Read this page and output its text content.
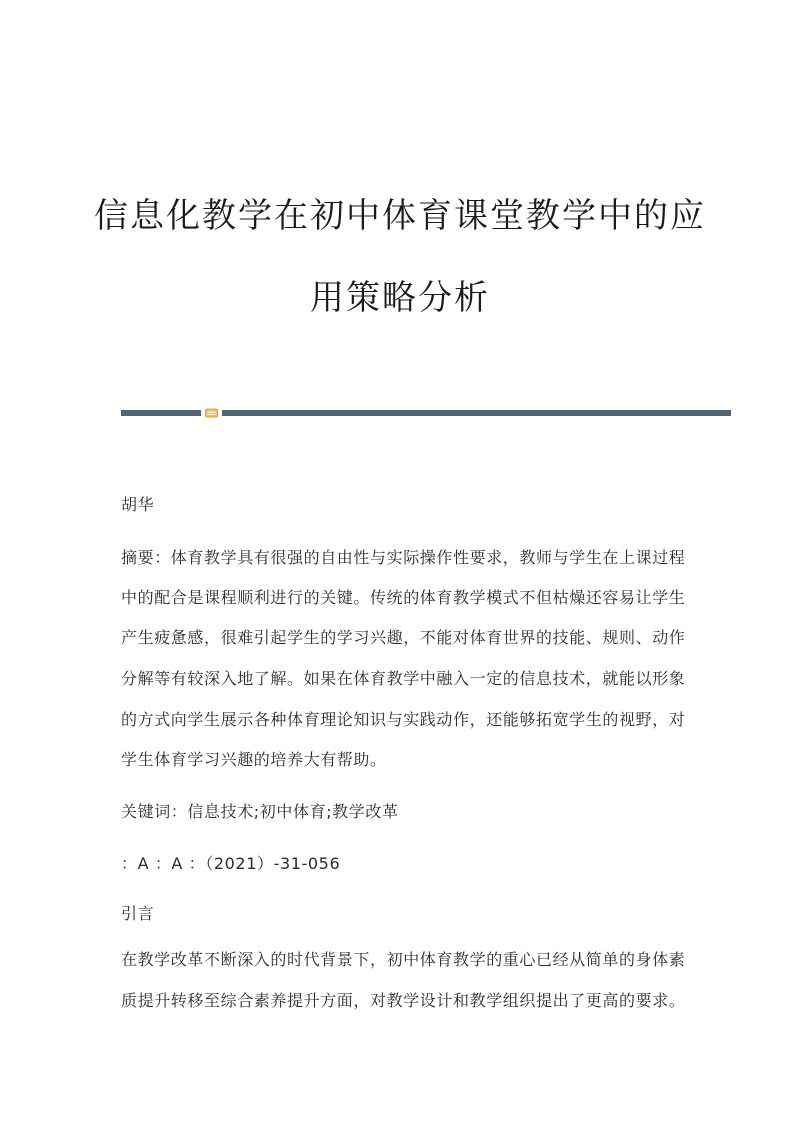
信息化教学在初中体育课堂教学中的应
用策略分析
胡华
摘要：体育教学具有很强的自由性与实际操作性要求，教师与学生在上课过程
中的配合是课程顺利进行的关键。传统的体育教学模式不但枯燥还容易让学生
产生疲惫感，很难引起学生的学习兴趣，不能对体育世界的技能、规则、动作
分解等有较深入地了解。如果在体育教学中融入一定的信息技术，就能以形象
的方式向学生展示各种体育理论知识与实践动作，还能够拓宽学生的视野，对
学生体育学习兴趣的培养大有帮助。
关键词：信息技术;初中体育;教学改革
：A ：A ：（2021）-31-056
引言
在教学改革不断深入的时代背景下，初中体育教学的重心已经从简单的身体素
质提升转移至综合素养提升方面，对教学设计和教学组织提出了更高的要求。
